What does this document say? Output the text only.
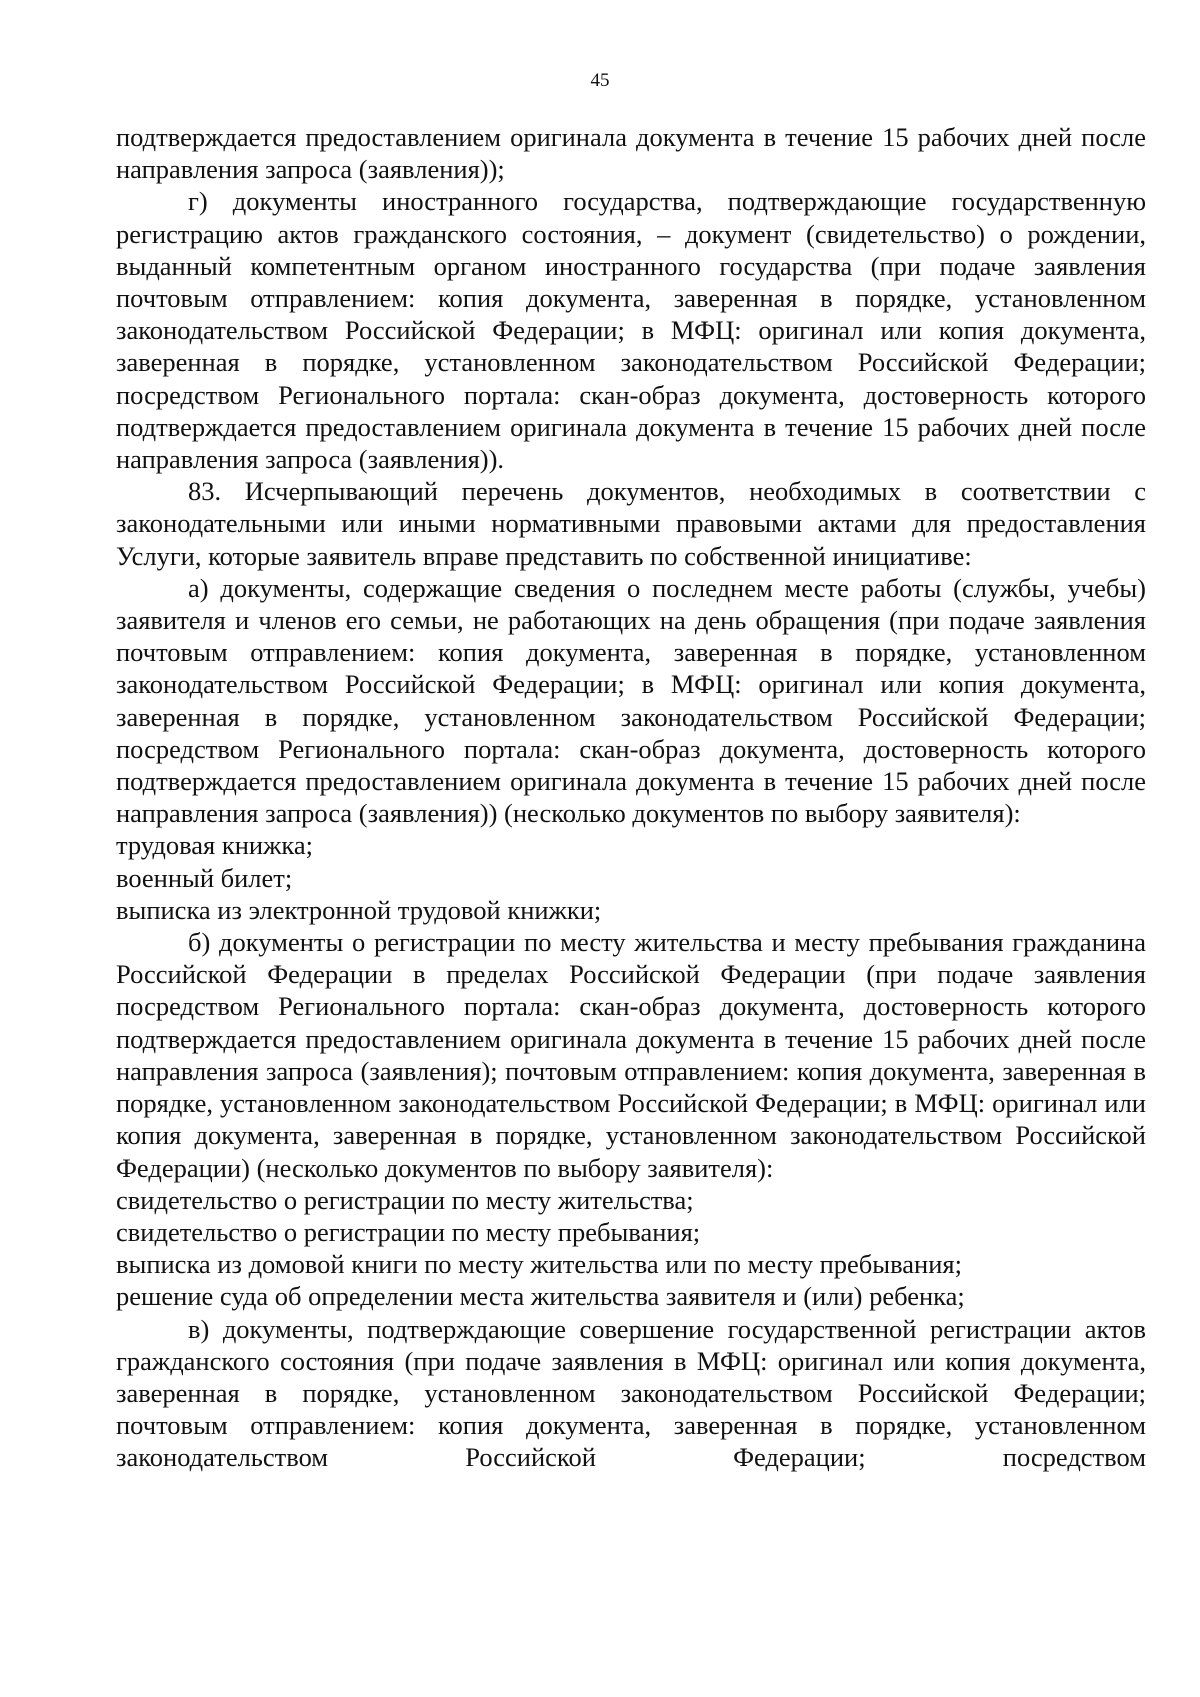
45

подтверждается предоставлением оригинала документа в течение 15 рабочих дней после направления запроса (заявления));

г) документы иностранного государства, подтверждающие государственную регистрацию актов гражданского состояния, – документ (свидетельство) о рождении, выданный компетентным органом иностранного государства (при подаче заявления почтовым отправлением: копия документа, заверенная в порядке, установленном законодательством Российской Федерации; в МФЦ: оригинал или копия документа, заверенная в порядке, установленном законодательством Российской Федерации; посредством Регионального портала: скан-образ документа, достоверность которого подтверждается предоставлением оригинала документа в течение 15 рабочих дней после направления запроса (заявления)).

83. Исчерпывающий перечень документов, необходимых в соответствии с законодательными или иными нормативными правовыми актами для предоставления Услуги, которые заявитель вправе представить по собственной инициативе:

а) документы, содержащие сведения о последнем месте работы (службы, учебы) заявителя и членов его семьи, не работающих на день обращения (при подаче заявления почтовым отправлением: копия документа, заверенная в порядке, установленном законодательством Российской Федерации; в МФЦ: оригинал или копия документа, заверенная в порядке, установленном законодательством Российской Федерации; посредством Регионального портала: скан-образ документа, достоверность которого подтверждается предоставлением оригинала документа в течение 15 рабочих дней после направления запроса (заявления)) (несколько документов по выбору заявителя):

трудовая книжка;

военный билет;

выписка из электронной трудовой книжки;

б) документы о регистрации по месту жительства и месту пребывания гражданина Российской Федерации в пределах Российской Федерации (при подаче заявления посредством Регионального портала: скан-образ документа, достоверность которого подтверждается предоставлением оригинала документа в течение 15 рабочих дней после направления запроса (заявления); почтовым отправлением: копия документа, заверенная в порядке, установленном законодательством Российской Федерации; в МФЦ: оригинал или копия документа, заверенная в порядке, установленном законодательством Российской Федерации) (несколько документов по выбору заявителя):

свидетельство о регистрации по месту жительства;

свидетельство о регистрации по месту пребывания;

выписка из домовой книги по месту жительства или по месту пребывания;

решение суда об определении места жительства заявителя и (или) ребенка;

в) документы, подтверждающие совершение государственной регистрации актов гражданского состояния (при подаче заявления в МФЦ: оригинал или копия документа, заверенная в порядке, установленном законодательством Российской Федерации; почтовым отправлением: копия документа, заверенная в порядке, установленном законодательством Российской Федерации; посредством
